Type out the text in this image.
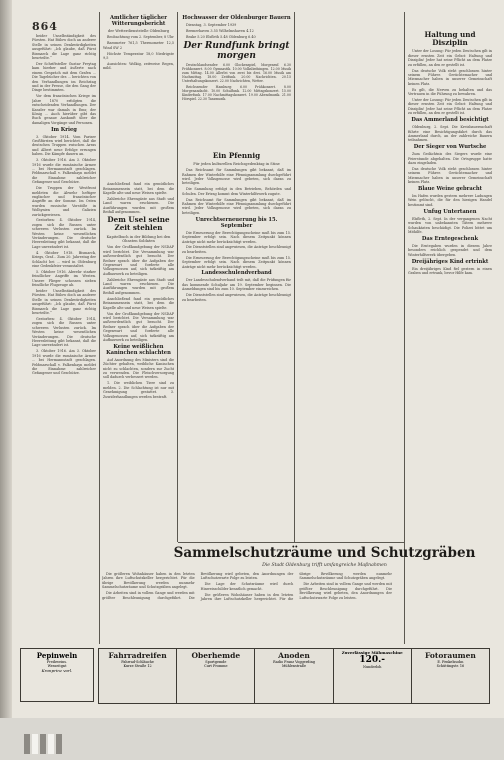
864

beider Unselbständigkeit des Fürsten. Hat Bülow doch an anderer Stelle in seinen Denkwürdigkeiten ausgeführt: „Ich glaube, daß Fürst Bismarck die Lage ganz richtig beurteilte.“

Der Schriftsteller Gustav Freytag kam hierher und äußerte nach einem Gespräch mit dem Grafen ... Die Tagebücher des ... berichten von den Verhandlungen im Reichstag und in der Presse, die den Gang der Dinge bestimmten.

Vor dem französischen Kriege im Jahre 1870 erfolgten die entscheidenden Verhandlungen. Der Kanzler war damals in Ems; der König ... Auch hierüber gibt das Buch genaue Auskunft über die damaligen Vorgänge und Personen.

Im Krieg

3. Oktober 1914. Vom Pariser Großfürsten wird berichtet, daß die deutschen Truppen zwischen Arras und Albert neue Erfolge errungen haben. Die Kämpfe dauern an.

3. Oktober 1916. Am 3. Oktober 1916 wurde die rumänische Armee ... bei Hermannstadt geschlagen. Feldmarschall v. Falkenhayn meldet die Einnahme zahlreicher Gefangener und Geschütze.

Die Truppen der Westfront meldeten die Abwehr heftiger englischer und französischer Angriffe an der Somme. Im Osten wurden russische Vorstöße in Wolhynien und Galizien zurückgewiesen.

Gestorben: 4. Oktober 1914, zogen sich die Russen unter schweren Verlusten zurück. Im Westen keine wesentlichen Veränderungen. Die deutsche Heeresleitung gibt bekannt, daß die Lage unverändert ist.

4. Oktober 1918. Bismarck, Kriegs, Graf... Zum 20. Jahrestag der Schlacht bei ... wird in Oldenburg eine Gedenkfeier veranstaltet.

5. Oktober 1916. Abwehr starker feindlicher Angriffe im Westen. Unsere Flieger schossen sieben feindliche Flugzeuge ab.

beider Unselbständigkeit des Fürsten. Hat Bülow doch an anderer Stelle in seinen Denkwürdigkeiten ausgeführt: „Ich glaube, daß Fürst Bismarck die Lage ganz richtig beurteilte.“

Gestorben: 4. Oktober 1914, zogen sich die Russen unter schweren Verlusten zurück. Im Westen keine wesentlichen Veränderungen. Die deutsche Heeresleitung gibt bekannt, daß die Lage unverändert ist.

3. Oktober 1916. Am 3. Oktober 1916 wurde die rumänische Armee ... bei Hermannstadt geschlagen. Feldmarschall v. Falkenhayn meldet die Einnahme zahlreicher Gefangener und Geschütze.

Amtlicher täglicher Witterungsbericht
der Wetterdienststelle Oldenburg

Beobachtung vom 2. September, 8 Uhr

Barometer 761,5 Thermometer 12,5 Wind SW 2

Höchste Temperatur 18,0 Niedrigste 9,5

Aussichten: Wolkig, zeitweise Regen, mild.

Anschließend fand ein gemütliches Beisammensein statt, bei dem die Kapelle alte und neue Weisen spielte.

Zahlreiche Ehrengäste aus Stadt und Land waren erschienen. Die Ausführungen wurden mit großem Beifall aufgenommen.

Dem Usel seine Zeit stehlen
Kapitelbuch in der Bildung bei den Ohnsten Soldaten

Von der Großkundgebung der NSDAP wird berichtet. Die Versammlung war außerordentlich gut besucht. Der Redner sprach über die Aufgaben der Gegenwart und forderte alle Volksgenossen auf, sich tatkräftig am Aufbauwerk zu beteiligen.

Zahlreiche Ehrengäste aus Stadt und Land waren erschienen. Die Ausführungen wurden mit großem Beifall aufgenommen.

Anschließend fand ein gemütliches Beisammensein statt, bei dem die Kapelle alte und neue Weisen spielte.

Von der Großkundgebung der NSDAP wird berichtet. Die Versammlung war außerordentlich gut besucht. Der Redner sprach über die Aufgaben der Gegenwart und forderte alle Volksgenossen auf, sich tatkräftig am Aufbauwerk zu beteiligen.

Keine weißlichen Kaninchen schlachten

Auf Anordnung des Ministers sind die Züchter gehalten, weibliche Kaninchen nicht zu schlachten, sondern zur Zucht zu verwenden. Die Fleischversorgung soll dadurch verbessert werden.

1. Die weiblichen Tiere sind zu melden. 2. Die Schlachtung ist nur mit Genehmigung gestattet. 3. Zuwiderhandlungen werden bestraft.

Hochwasser der Oldenburger Bauern

Dienstag, 3. September 1939

Bremerhaven 3.55 Wilhelmshaven 4.12

Brake 5.20 Elsfleth 5.48 Oldenburg 6.40

Der Rundfunk bringt morgen

Deutschlandsender: 6.00 Glockenspiel, Morgenruf. 6.30 Frühkonzert. 8.00 Gymnastik. 10.00 Volksliedsingen. 12.00 Musik zum Mittag. 14.00 Allerlei von zwei bis drei. 16.00 Musik am Nachmittag. 18.00 Zeitfunk. 20.00 Nachrichten. 20.15 Unterhaltungskonzert. 22.00 Nachrichten, Wetter.

Reichssender Hamburg: 6.00 Frühkonzert. 8.00 Morgenandacht. 10.00 Schulfunk. 12.00 Mittagskonzert. 15.00 Kinderfunk. 17.00 Nachmittagskonzert. 19.00 Abendmusik. 21.00 Hörspiel. 22.30 Tanzmusik.

Ein Pfennig
Für jeden kulturellen Reichsgedenktag in Stine

Das Reichsamt für Sammlungen gibt bekannt, daß im Rahmen der Winterhilfe eine Pfennigsammlung durchgeführt wird. Jeder Volksgenosse wird gebeten, sich daran zu beteiligen.

Die Sammlung erfolgt in den Betrieben, Behörden und Schulen. Der Ertrag kommt dem Winterhilfswerk zugute.

Das Reichsamt für Sammlungen gibt bekannt, daß im Rahmen der Winterhilfe eine Pfennigsammlung durchgeführt wird. Jeder Volksgenosse wird gebeten, sich daran zu beteiligen.

Unrechtserneuerung bis 15. September

Die Erneuerung der Berechtigungsscheine muß bis zum 15. September erfolgt sein. Nach diesem Zeitpunkt können Anträge nicht mehr berücksichtigt werden.

Die Dienststellen sind angewiesen, die Anträge beschleunigt zu bearbeiten.

Die Erneuerung der Berechtigungsscheine muß bis zum 15. September erfolgt sein. Nach diesem Zeitpunkt können Anträge nicht mehr berücksichtigt werden.

Landesschulendverband

Der Landesschulendverband teilt mit, daß die Prüfungen für das kommende Schuljahr am 19. September beginnen. Die Anmeldungen sind bis zum 10. September einzureichen.

Die Dienststellen sind angewiesen, die Anträge beschleunigt zu bearbeiten.

Haltung und Disziplin

Unter der Losung: Für jeden Deutschen gilt in dieser ernsten Zeit ein Gebot: Haltung und Disziplin! Jeder hat seine Pflicht an dem Platze zu erfüllen, an den er gestellt ist.

Das deutsche Volk steht geschlossen hinter seinem Führer. Gerüchtemacher und Miesmacher haben in unserer Gemeinschaft keinen Platz.

Es gilt, die Nerven zu behalten und das Vertrauen in die Führung zu bewahren.

Unter der Losung: Für jeden Deutschen gilt in dieser ernsten Zeit ein Gebot: Haltung und Disziplin! Jeder hat seine Pflicht an dem Platze zu erfüllen, an den er gestellt ist.

Das Ammerland besichtigt

Oldenburg, 2. Sept. Die Kreisbauernschaft führte eine Besichtigungsfahrt durch das Ammerland durch, an der zahlreiche Bauern teilnahmen.

Der Sieger von Wurtsche

Zum Gedächtnis des Siegers wurde eine Feierstunde abgehalten. Die Ortsgruppe hatte dazu eingeladen.

Das deutsche Volk steht geschlossen hinter seinem Führer. Gerüchtemacher und Miesmacher haben in unserer Gemeinschaft keinen Platz.

Blaue Weine gebracht

Im Hafen wurden gestern mehrere Ladungen Wein gelöscht, die für den hiesigen Handel bestimmt sind.

Unfug Untertanen

Elsfleth, 2. Sept. In der vergangenen Nacht wurden von unbekannten Tätern mehrere Schaukästen beschädigt. Die Polizei bittet um Mithilfe.

Das Erntegeschenk

Die Erntegaben wurden in diesem Jahre besonders reichlich gespendet und dem Winterhilfswerk übergeben.

Dreijähriges Kind ertrinkt

Ein dreijähriges Kind fiel gestern in einen Graben und ertrank, bevor Hilfe kam.

Sammelschutzräume und Schutzgräben
Die Stadt Oldenburg trifft umfangreiche Maßnahmen

Die größeren Wohnhäuser haben in den letzten Jahren ihre Luftschutzkeller hergerichtet. Für die übrige Bevölkerung werden nunmehr Sammelschutzräume und Schutzgräben angelegt.

Die Arbeiten sind in vollem Gange und werden mit größter Beschleunigung durchgeführt. Die Bevölkerung wird gebeten, den Anordnungen der Luftschutzwarte Folge zu leisten.

Die Lage der Schutzräume wird durch Hinweisschilder kenntlich gemacht.

Die größeren Wohnhäuser haben in den letzten Jahren ihre Luftschutzkeller hergerichtet. Für die übrige Bevölkerung werden nunmehr Sammelschutzräume und Schutzgräben angelegt.

Die Arbeiten sind in vollem Gange und werden mit größter Beschleunigung durchgeführt. Die Bevölkerung wird gebeten, den Anordnungen der Luftschutzwarte Folge zu leisten.

Pepinweln
Freihweins.
Wesseitgnt
Kronprinz vorl.
Fahrradreifen
Fahrrad-Schläuche
Kurze Straße 12
Oberhemde
Sportgemde
Curt Fromme
Anoden
Radio Franz Voggerding
Mühlenstraße
Zuverlässige Mähmaschine
120.-
Nunderloh
Fotoraumen
E. Fenkelssohn
Schüttingstr. 16
